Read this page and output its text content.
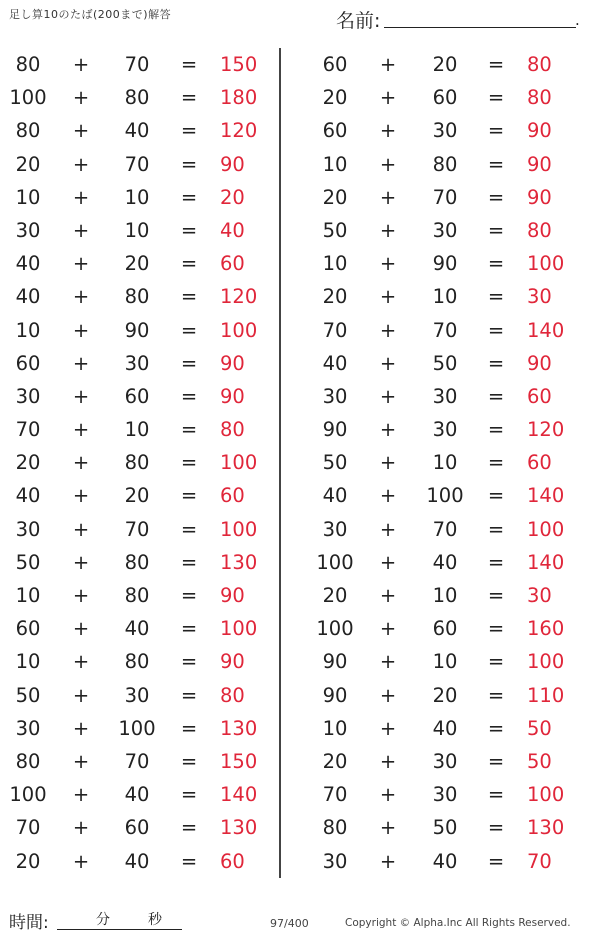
足し算10のたば(200まで)解答	名前:	.
80	+	70	= 150
100	+	80	= 180
80	+	40	= 120
20	+	70	= 90
10	+	10	= 20
30	+	10	= 40
40	+	20	= 60
40	+	80	= 120
10	+	90	= 100
60	+	30	= 90
30	+	60	= 90
70	+	10	= 80
20	+	80	= 100
40	+	20	= 60
30	+	70	= 100
50	+	80	= 130
10	+	80	= 90
60	+	40	= 100
10	+	80	= 90
50	+	30	= 80
30	+	100	= 130
80	+	70	= 150
100	+	40	= 140
70	+	60	= 130
20	+	40	= 60
60	+	20	= 80
20	+	60	= 80
60	+	30	= 90
10	+	80	= 90
20	+	70	= 90
50	+	30	= 80
10	+	90	= 100
20	+	10	= 30
70	+	70	= 140
40	+	50	= 90
30	+	30	= 60
90	+	30	= 120
50	+	10	= 60
40	+	100	= 140
30	+	70	= 100
100	+	40	= 140
20	+	10	= 30
100	+	60	= 160
90	+	10	= 100
90	+	20	= 110
10	+	40	= 50
20	+	30	= 50
70	+	30	= 100
80	+	50	= 130
30	+	40	= 70
時間:	分	秒	97/400	Copyright © Alpha.Inc All Rights Reserved.
